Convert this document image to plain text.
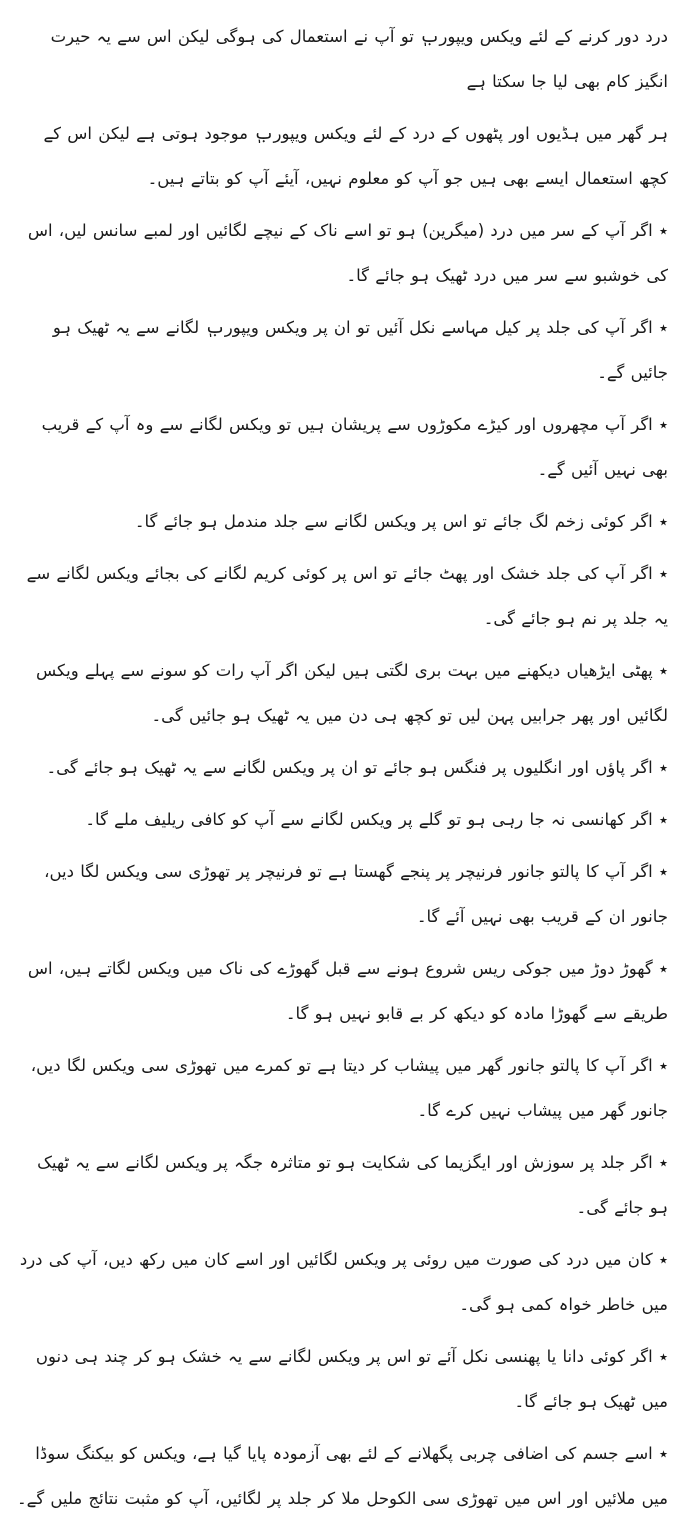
درد دور کرنے کے لئے ویکس ویپوربٖ تو آپ نے استعمال کی ہوگی لیکن اس سے یہ حیرت انگیز کام بھی لیا جا سکتا ہے

ہر گھر میں ہڈیوں اور پٹھوں کے درد کے لئے ویکس ویپوربٖ موجود ہوتی ہے لیکن اس کے کچھ استعمال ایسے بھی ہیں جو آپ کو معلوم نہیں، آیئے آپ کو بتاتے ہیں۔

٭ اگر آپ کے سر میں درد (میگرین) ہو تو اسے ناک کے نیچے لگائیں اور لمبے سانس لیں، اس کی خوشبو سے سر میں درد ٹھیک ہو جائے گا۔

٭ اگر آپ کی جلد پر کیل مہاسے نکل آئیں تو ان پر ویکس ویپوربٖ لگانے سے یہ ٹھیک ہو جائیں گے۔

٭ اگر آپ مچھروں اور کیڑے مکوڑوں سے پریشان ہیں تو ویکس لگانے سے وہ آپ کے قریب بھی نہیں آئیں گے۔

٭ اگر کوئی زخم لگ جائے تو اس پر ویکس لگانے سے جلد مندمل ہو جائے گا۔

٭ اگر آپ کی جلد خشک اور پھٹ جائے تو اس پر کوئی کریم لگانے کی بجائے ویکس لگانے سے یہ جلد پر نم ہو جائے گی۔

٭ پھٹی ایڑھیاں دیکھنے میں بہت بری لگتی ہیں لیکن اگر آپ رات کو سونے سے پہلے ویکس لگائیں اور پھر جرابیں پہن لیں تو کچھ ہی دن میں یہ ٹھیک ہو جائیں گی۔

٭ اگر پاؤں اور انگلیوں پر فنگس ہو جائے تو ان پر ویکس لگانے سے یہ ٹھیک ہو جائے گی۔

٭ اگر کھانسی نہ جا رہی ہو تو گلے پر ویکس لگانے سے آپ کو کافی ریلیف ملے گا۔

٭ اگر آپ کا پالتو جانور فرنیچر پر پنجے گھستا ہے تو فرنیچر پر تھوڑی سی ویکس لگا دیں، جانور ان کے قریب بھی نہیں آئے گا۔

٭ گھوڑ دوڑ میں جوکی ریس شروع ہونے سے قبل گھوڑے کی ناک میں ویکس لگاتے ہیں، اس طریقے سے گھوڑا مادہ کو دیکھ کر بے قابو نہیں ہو گا۔

٭ اگر آپ کا پالتو جانور گھر میں پیشاب کر دیتا ہے تو کمرے میں تھوڑی سی ویکس لگا دیں، جانور گھر میں پیشاب نہیں کرے گا۔

٭ اگر جلد پر سوزش اور ایگزیما کی شکایت ہو تو متاثرہ جگہ پر ویکس لگانے سے یہ ٹھیک ہو جائے گی۔

٭ کان میں درد کی صورت میں روئی پر ویکس لگائیں اور اسے کان میں رکھ دیں، آپ کی درد میں خاطر خواہ کمی ہو گی۔

٭ اگر کوئی دانا یا پھنسی نکل آئے تو اس پر ویکس لگانے سے یہ خشک ہو کر چند ہی دنوں میں ٹھیک ہو جائے گا۔

٭ اسے جسم کی اضافی چربی پگھلانے کے لئے بھی آزمودہ پایا گیا ہے، ویکس کو بیکنگ سوڈا میں ملائیں اور اس میں تھوڑی سی الکوحل ملا کر جلد پر لگائیں، آپ کو مثبت نتائج ملیں گے۔
